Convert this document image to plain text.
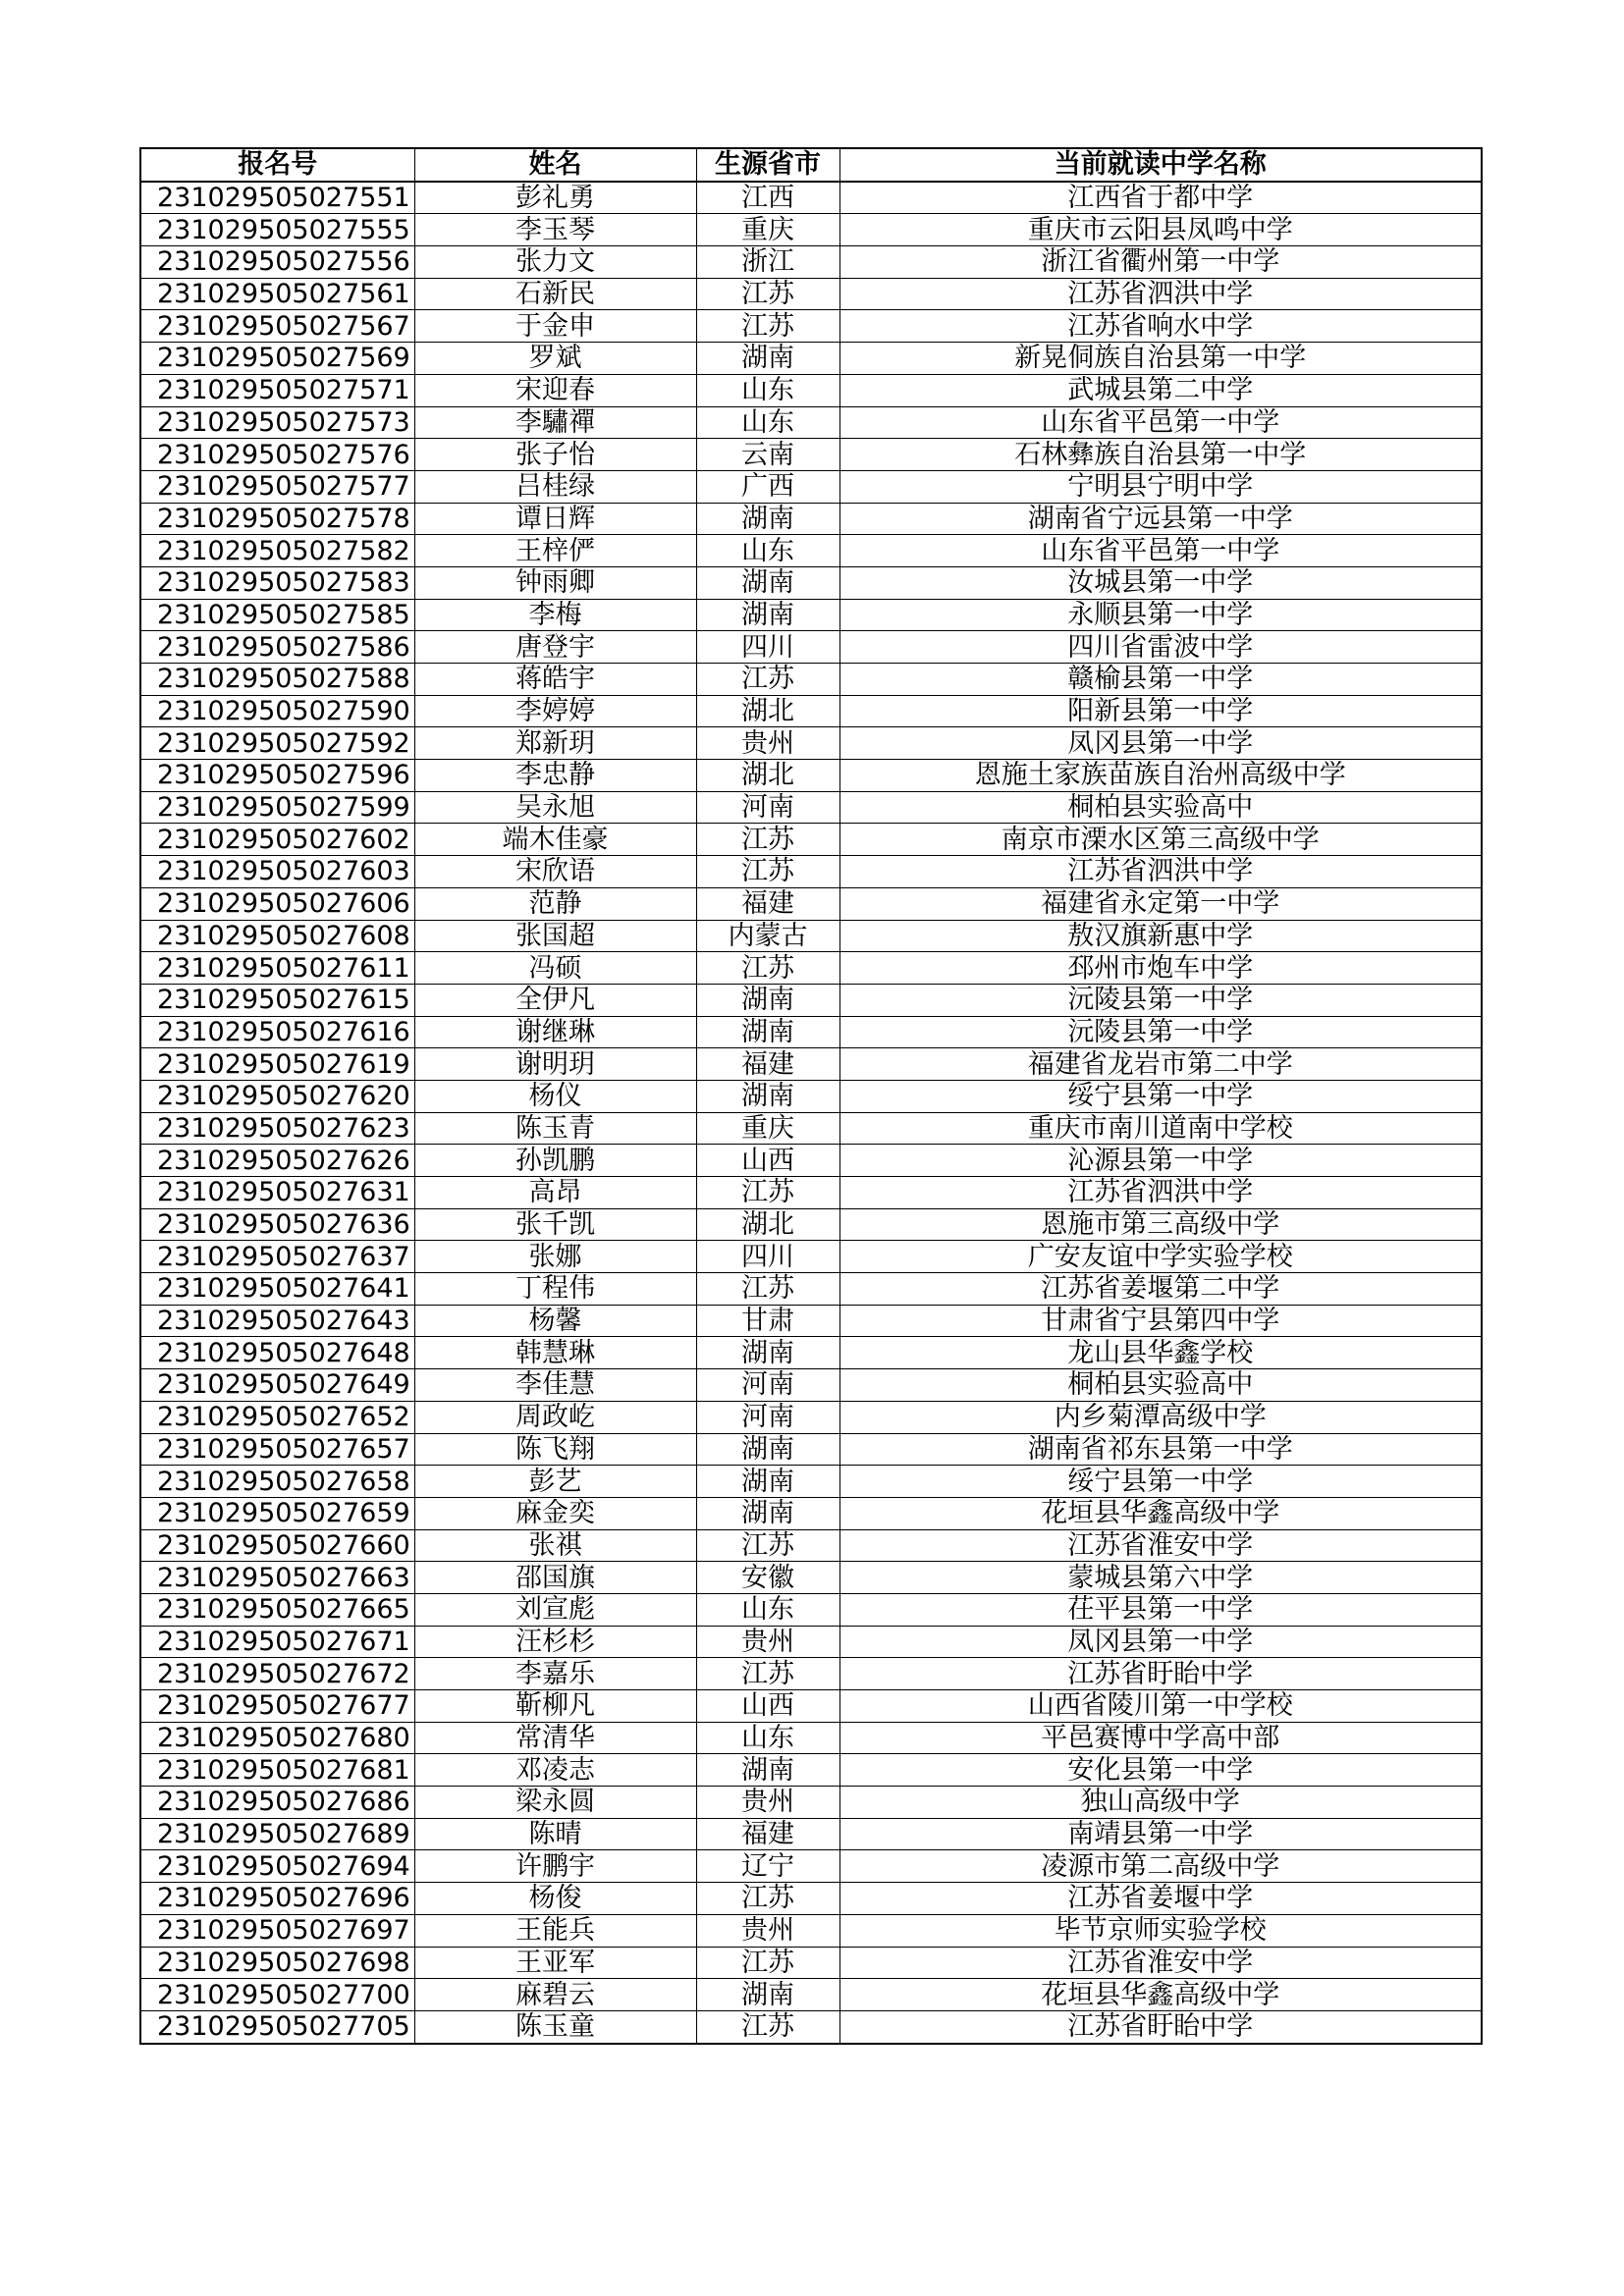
报名号	姓名	生源省市	当前就读中学名称
231029505027551	彭礼勇	江西	江西省于都中学
231029505027555	李玉琴	重庆	重庆市云阳县凤鸣中学
231029505027556	张力文	浙江	浙江省衢州第一中学
231029505027561	石新民	江苏	江苏省泗洪中学
231029505027567	于金申	江苏	江苏省响水中学
231029505027569	罗斌	湖南	新晃侗族自治县第一中学
231029505027571	宋迎春	山东	武城县第二中学
231029505027573	李驌禪	山东	山东省平邑第一中学
231029505027576	张子怡	云南	石林彝族自治县第一中学
231029505027577	吕桂绿	广西	宁明县宁明中学
231029505027578	谭日辉	湖南	湖南省宁远县第一中学
231029505027582	王梓俨	山东	山东省平邑第一中学
231029505027583	钟雨卿	湖南	汝城县第一中学
231029505027585	李梅	湖南	永顺县第一中学
231029505027586	唐登宇	四川	四川省雷波中学
231029505027588	蒋皓宇	江苏	赣榆县第一中学
231029505027590	李婷婷	湖北	阳新县第一中学
231029505027592	郑新玥	贵州	凤冈县第一中学
231029505027596	李忠静	湖北	恩施土家族苗族自治州高级中学
231029505027599	吴永旭	河南	桐柏县实验高中
231029505027602	端木佳豪	江苏	南京市溧水区第三高级中学
231029505027603	宋欣语	江苏	江苏省泗洪中学
231029505027606	范静	福建	福建省永定第一中学
231029505027608	张国超	内蒙古	敖汉旗新惠中学
231029505027611	冯硕	江苏	邳州市炮车中学
231029505027615	全伊凡	湖南	沅陵县第一中学
231029505027616	谢继琳	湖南	沅陵县第一中学
231029505027619	谢明玥	福建	福建省龙岩市第二中学
231029505027620	杨仪	湖南	绥宁县第一中学
231029505027623	陈玉青	重庆	重庆市南川道南中学校
231029505027626	孙凯鹏	山西	沁源县第一中学
231029505027631	高昂	江苏	江苏省泗洪中学
231029505027636	张千凯	湖北	恩施市第三高级中学
231029505027637	张娜	四川	广安友谊中学实验学校
231029505027641	丁程伟	江苏	江苏省姜堰第二中学
231029505027643	杨馨	甘肃	甘肃省宁县第四中学
231029505027648	韩慧琳	湖南	龙山县华鑫学校
231029505027649	李佳慧	河南	桐柏县实验高中
231029505027652	周政屹	河南	内乡菊潭高级中学
231029505027657	陈飞翔	湖南	湖南省祁东县第一中学
231029505027658	彭艺	湖南	绥宁县第一中学
231029505027659	麻金奕	湖南	花垣县华鑫高级中学
231029505027660	张祺	江苏	江苏省淮安中学
231029505027663	邵国旗	安徽	蒙城县第六中学
231029505027665	刘宣彪	山东	茌平县第一中学
231029505027671	汪杉杉	贵州	凤冈县第一中学
231029505027672	李嘉乐	江苏	江苏省盱眙中学
231029505027677	靳柳凡	山西	山西省陵川第一中学校
231029505027680	常清华	山东	平邑赛博中学高中部
231029505027681	邓凌志	湖南	安化县第一中学
231029505027686	梁永圆	贵州	独山高级中学
231029505027689	陈晴	福建	南靖县第一中学
231029505027694	许鹏宇	辽宁	凌源市第二高级中学
231029505027696	杨俊	江苏	江苏省姜堰中学
231029505027697	王能兵	贵州	毕节京师实验学校
231029505027698	王亚军	江苏	江苏省淮安中学
231029505027700	麻碧云	湖南	花垣县华鑫高级中学
231029505027705	陈玉童	江苏	江苏省盱眙中学
